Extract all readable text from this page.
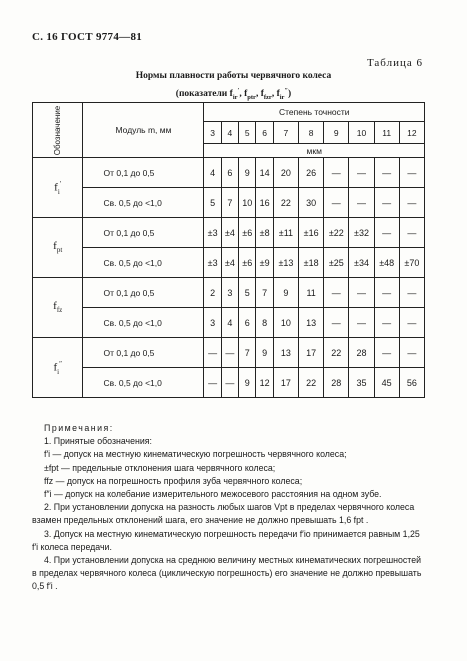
С. 16 ГОСТ 9774—81
Таблица 6
Нормы плавности работы червячного колеса
(показатели $f_{ir}'$, $f_{ptr}$, $f_{fzr}$, $f_{ir}''$)
Обозначение	Модуль m, мм	Степень точности									
		3	4	5	6	7	8	9	10	11	12
		мкм									
$f_i'$	От 0,1 до 0,5	4	6	9	14	20	26	—	—	—	—
	Св. 0,5 до <1,0	5	7	10	16	22	30	—	—	—	—
$f_{pt}$	От 0,1 до 0,5	±3	±4	±6	±8	±11	±16	±22	±32	—	—
	Св. 0,5 до <1,0	±3	±4	±6	±9	±13	±18	±25	±34	±48	±70
$f_{fz}$	От 0,1 до 0,5	2	3	5	7	9	11	—	—	—	—
	Св. 0,5 до <1,0	3	4	6	8	10	13	—	—	—	—
$f_i''$	От 0,1 до 0,5	—	—	7	9	13	17	22	28	—	—
	Св. 0,5 до <1,0	—	—	9	12	17	22	28	35	45	56

Примечания:

1. Принятые обозначения:

f′i — допуск на местную кинематическую погрешность червячного колеса;

±fpt — предельные отклонения шага червячного колеса;

ffz — допуск на погрешность профиля зуба червячного колеса;

f″i — допуск на колебание измерительного межосевого расстояния на одном зубе.

2. При установлении допуска на разность любых шагов Vpt в пределах червячного колеса взамен предельных отклонений шага, его значение не должно превышать 1,6 fpt .

3. Допуск на местную кинематическую погрешность передачи f′io принимается равным 1,25 f′i колеса передачи.

4. При установлении допуска на среднюю величину местных кинематических погрешностей в пределах червячного колеса (циклическую погрешность) его значение не должно превышать 0,5 f′i .
